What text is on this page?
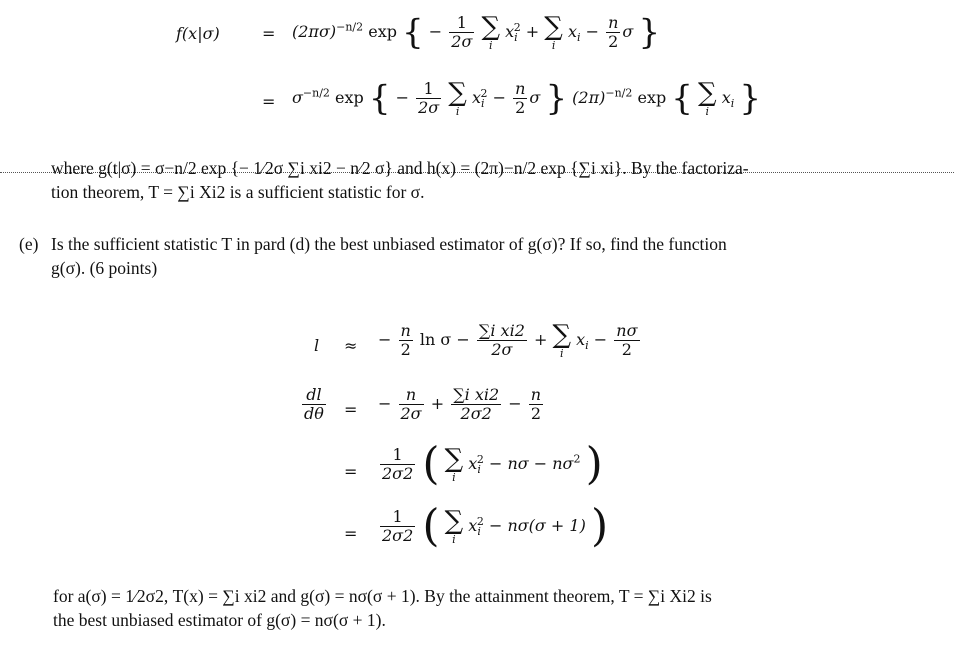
f(x|σ)	= $(2\pi\sigma)^{-n/2}$ exp { − $\frac{1}{2\sigma}$
∑
i
$x_i^2$ + ∑
i
$x_i - \frac{n}{2}$ σ }
= $\sigma^{-n/2}$ exp { − $\frac{1}{2\sigma}$
∑
i
$x_i^2 - \frac{n}{2}$ σ } $(2\pi)^{-n/2}$ exp { ∑
i
$x_i$ }
where g(t|σ) = σ−n/2 exp {− 1⁄2σ ∑i xi2 − n⁄2 σ} and h(x) = (2π)−n/2 exp {∑i xi}. By the factoriza-
tion theorem, T = ∑i Xi2 is a sufficient statistic for σ.
(e) Is the sufficient statistic T in pard (d) the best unbiased estimator of g(σ)? If so, find the function
g(σ). (6 points)
l ≈ − $\frac{n}{2}$ $\ln \sigma - \frac{\text{∑i xi2}}{2\sigma}$ + ∑
i
$x_i - \frac{n\sigma}{2}$
$\frac{dl}{d\theta}$ = − $\frac{n}{2\sigma} + \frac{\text{∑i xi2}}{2\sigma 2} - \frac{n}{2}$
= $\frac{1}{2\sigma 2}$ ( ∑
i
$x_i^2 - n\sigma - n\sigma^2$ )
= $\frac{1}{2\sigma 2}$ ( ∑
i
$x_i^2 - n\sigma(\sigma + 1)$ )
for a(σ) = 1⁄2σ2, T(x) = ∑i xi2 and g(σ) = nσ(σ + 1). By the attainment theorem, T = ∑i Xi2 is
the best unbiased estimator of g(σ) = nσ(σ + 1).
